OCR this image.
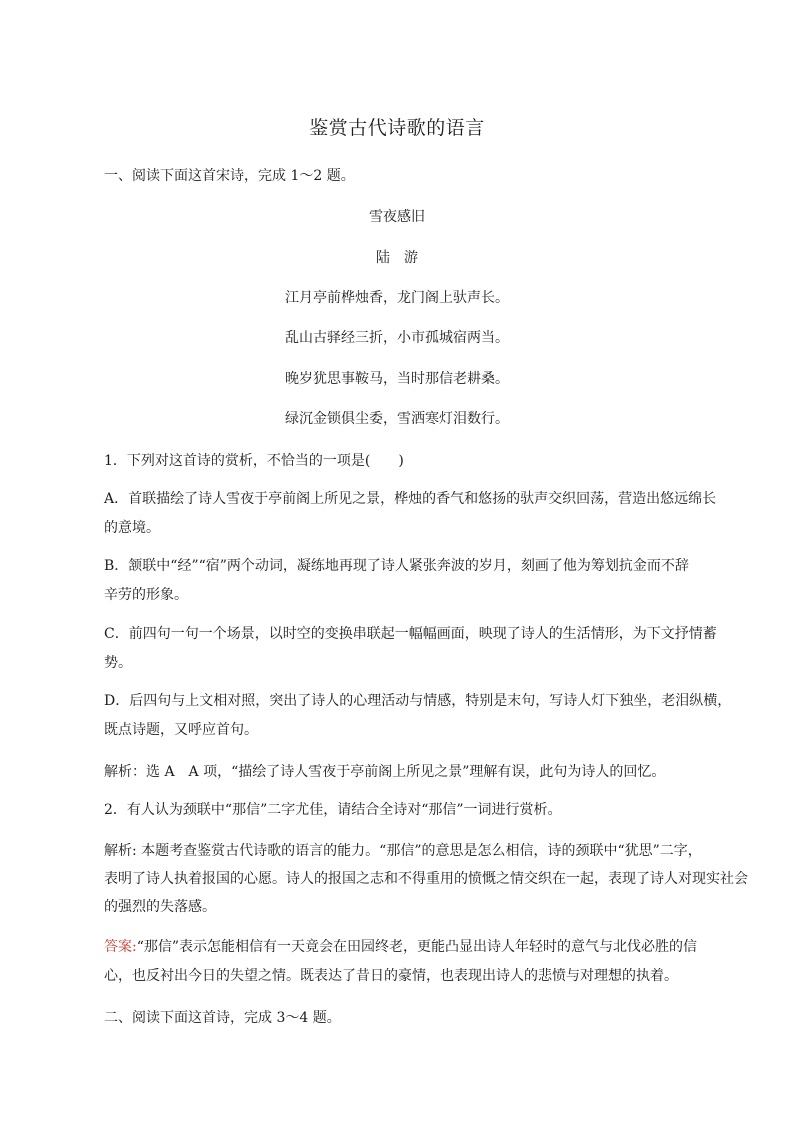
鉴赏古代诗歌的语言
一、阅读下面这首宋诗，完成 1～2 题。
雪夜感旧
陆　游
江月亭前桦烛香，龙门阁上驮声长。
乱山古驿经三折，小市孤城宿两当。
晚岁犹思事鞍马，当时那信老耕桑。
绿沉金锁俱尘委，雪洒寒灯泪数行。
1．下列对这首诗的赏析，不恰当的一项是(　　)
A．首联描绘了诗人雪夜于亭前阁上所见之景，桦烛的香气和悠扬的驮声交织回荡，营造出悠远绵长
的意境。
B．颔联中“经”“宿”两个动词，凝练地再现了诗人紧张奔波的岁月，刻画了他为筹划抗金而不辞
辛劳的形象。
C．前四句一句一个场景，以时空的变换串联起一幅幅画面，映现了诗人的生活情形，为下文抒情蓄
势。
D．后四句与上文相对照，突出了诗人的心理活动与情感，特别是末句，写诗人灯下独坐，老泪纵横，
既点诗题，又呼应首句。
解析：选 A　A 项，“描绘了诗人雪夜于亭前阁上所见之景”理解有误，此句为诗人的回忆。
2．有人认为颈联中“那信”二字尤佳，请结合全诗对“那信”一词进行赏析。
解析: 本题考查鉴赏古代诗歌的语言的能力。“那信”的意思是怎么相信，诗的颈联中“犹思”二字，
表明了诗人执着报国的心愿。诗人的报国之志和不得重用的愤慨之情交织在一起，表现了诗人对现实社会
的强烈的失落感。
答案:“那信”表示怎能相信有一天竟会在田园终老，更能凸显出诗人年轻时的意气与北伐必胜的信
心，也反衬出今日的失望之情。既表达了昔日的豪情，也表现出诗人的悲愤与对理想的执着。
二、阅读下面这首诗，完成 3～4 题。
